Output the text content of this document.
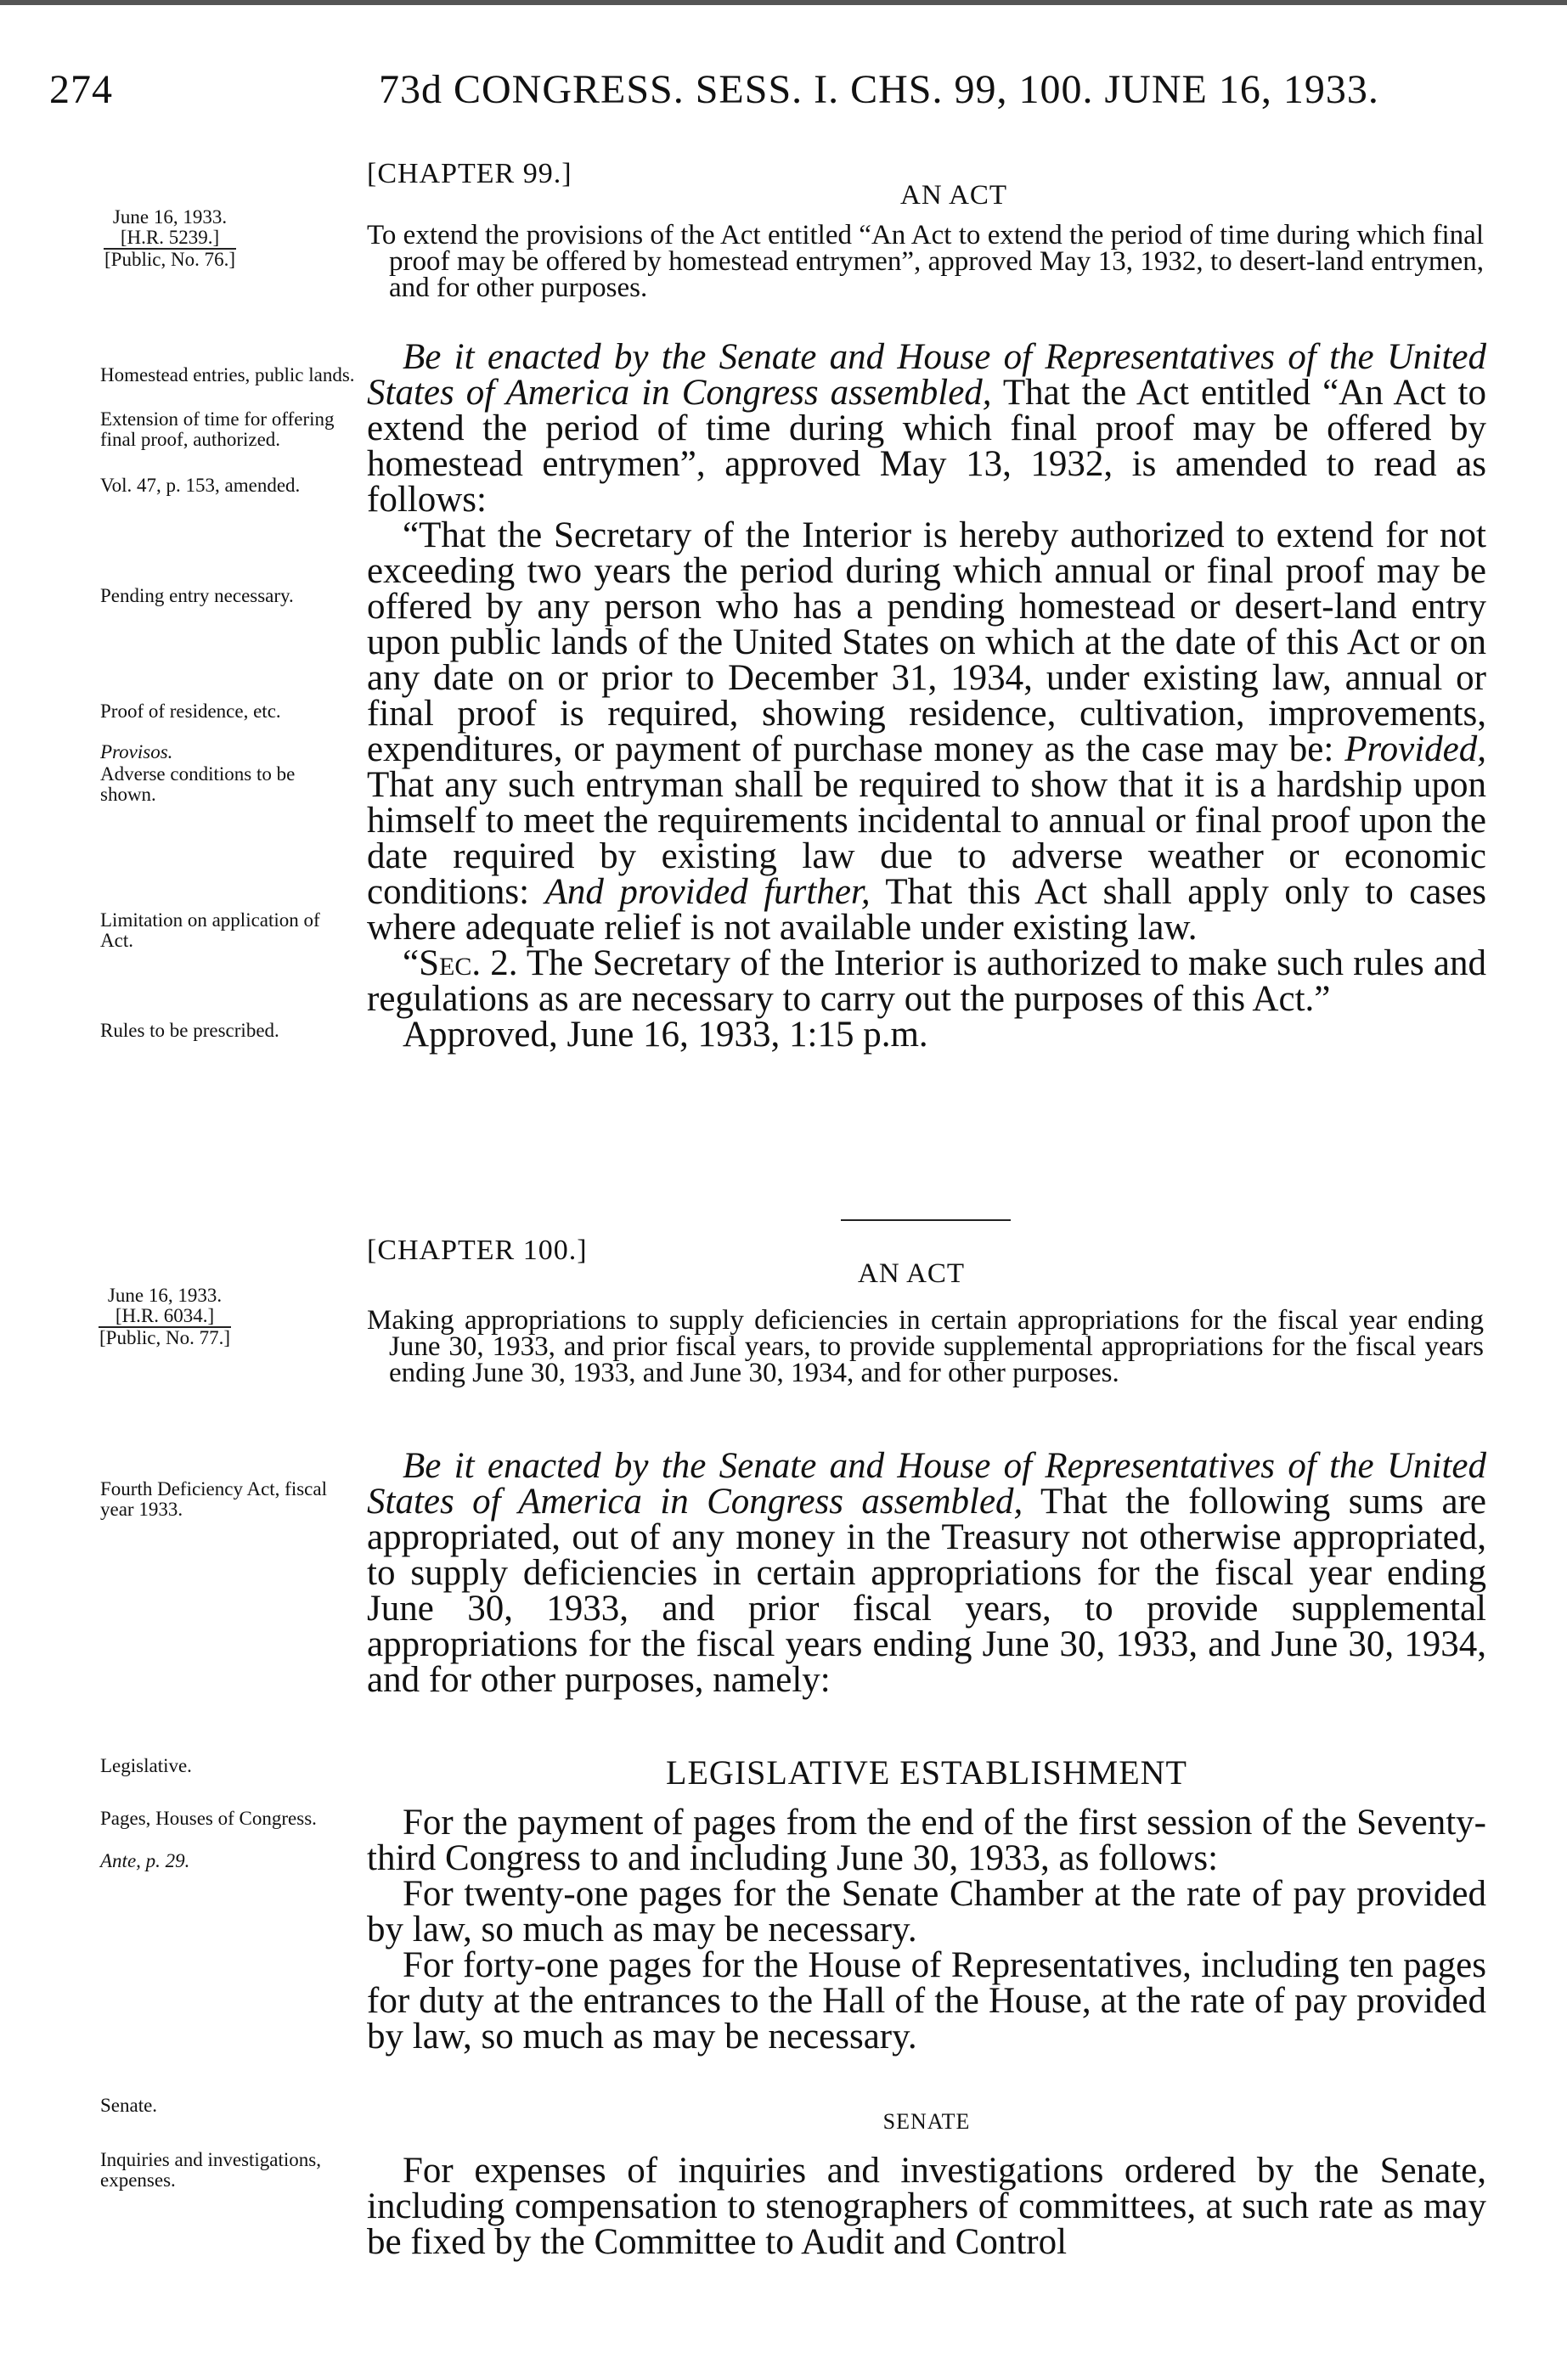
274	73d CONGRESS. SESS. I. CHS. 99, 100. JUNE 16, 1933.
[CHAPTER 99.]
AN ACT
June 16, 1933.
[H.R. 5239.]
[Public, No. 76.]
To extend the provisions of the Act entitled “An Act to extend the period of time during which final proof may be offered by homestead entrymen”, approved May 13, 1932, to desert-land entrymen, and for other purposes.
Homestead entries, public lands.
Extension of time for offering final proof, authorized.
Vol. 47, p. 153, amended.
Pending entry necessary.
Proof of residence, etc.
Provisos.
Adverse conditions to be shown.
Limitation on application of Act.
Rules to be prescribed.

Be it enacted by the Senate and House of Representatives of the United States of America in Congress assembled, That the Act entitled “An Act to extend the period of time during which final proof may be offered by homestead entrymen”, approved May 13, 1932, is amended to read as follows:

“That the Secretary of the Interior is hereby authorized to extend for not exceeding two years the period during which annual or final proof may be offered by any person who has a pending homestead or desert-land entry upon public lands of the United States on which at the date of this Act or on any date on or prior to December 31, 1934, under existing law, annual or final proof is required, showing residence, cultivation, improvements, expenditures, or payment of purchase money as the case may be: Provided, That any such entryman shall be required to show that it is a hardship upon himself to meet the requirements incidental to annual or final proof upon the date required by existing law due to adverse weather or economic conditions: And provided further, That this Act shall apply only to cases where adequate relief is not available under existing law.

“Sec. 2. The Secretary of the Interior is authorized to make such rules and regulations as are necessary to carry out the purposes of this Act.”

Approved, June 16, 1933, 1:15 p.m.

[CHAPTER 100.]
AN ACT
June 16, 1933.
[H.R. 6034.]
[Public, No. 77.]
Making appropriations to supply deficiencies in certain appropriations for the fiscal year ending June 30, 1933, and prior fiscal years, to provide supplemental appropriations for the fiscal years ending June 30, 1933, and June 30, 1934, and for other purposes.
Fourth Deficiency Act, fiscal year 1933.
Legislative.
Pages, Houses of Congress.
Ante, p. 29.
Senate.
Inquiries and investigations, expenses.

Be it enacted by the Senate and House of Representatives of the United States of America in Congress assembled, That the following sums are appropriated, out of any money in the Treasury not otherwise appropriated, to supply deficiencies in certain appropriations for the fiscal year ending June 30, 1933, and prior fiscal years, to provide supplemental appropriations for the fiscal years ending June 30, 1933, and June 30, 1934, and for other purposes, namely:

LEGISLATIVE ESTABLISHMENT

For the payment of pages from the end of the first session of the Seventy-third Congress to and including June 30, 1933, as follows:

For twenty-one pages for the Senate Chamber at the rate of pay provided by law, so much as may be necessary.

For forty-one pages for the House of Representatives, including ten pages for duty at the entrances to the Hall of the House, at the rate of pay provided by law, so much as may be necessary.

SENATE

For expenses of inquiries and investigations ordered by the Senate, including compensation to stenographers of committees, at such rate as may be fixed by the Committee to Audit and Control
